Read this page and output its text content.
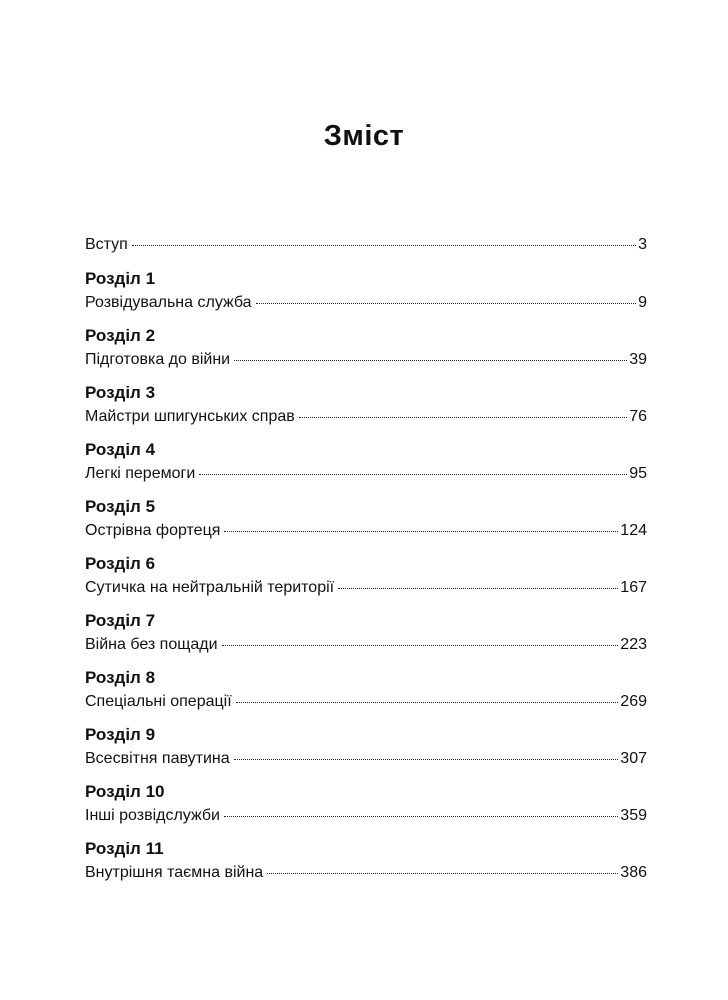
Зміст
Вступ	3
Розділ 1
Розвідувальна служба	9
Розділ 2
Підготовка до війни	39
Розділ 3
Майстри шпигунських справ	76
Розділ 4
Легкі перемоги	95
Розділ 5
Острівна фортеця	124
Розділ 6
Сутичка на нейтральній території	167
Розділ 7
Війна без пощади	223
Розділ 8
Спеціальні операції	269
Розділ 9
Всесвітня павутина	307
Розділ 10
Інші розвідслужби	359
Розділ 11
Внутрішня таємна війна	386
